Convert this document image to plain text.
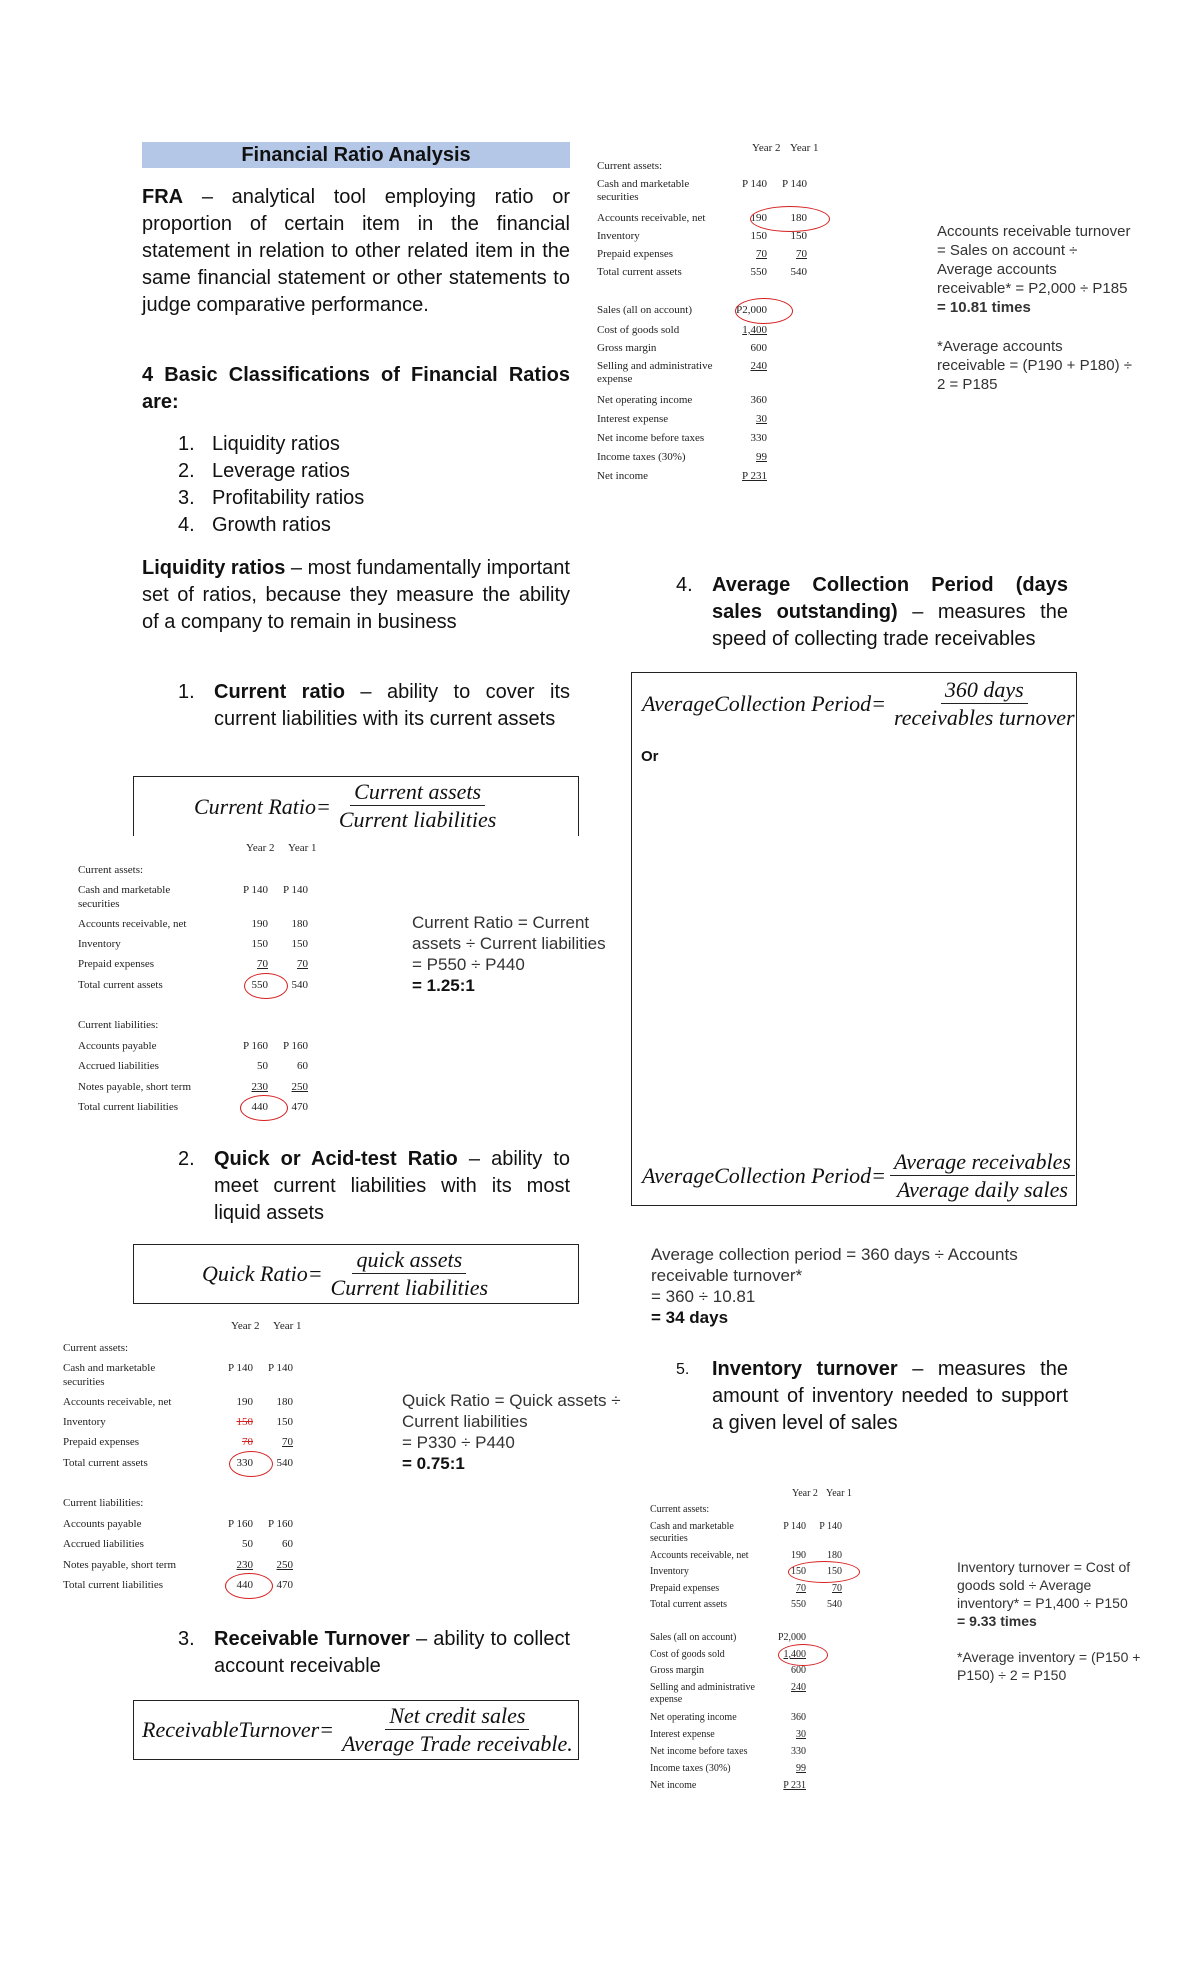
Financial Ratio Analysis
FRA – analytical tool employing ratio or proportion of certain item in the financial statement in relation to other related item in the same financial statement or other statements to judge comparative performance.
4 Basic Classifications of Financial Ratios are:
1. Liquidity ratios
2. Leverage ratios
3. Profitability ratios
4. Growth ratios
Liquidity ratios – most fundamentally important set of ratios, because they measure the ability of a company to remain in business
1. Current ratio – ability to cover its current liabilities with its current assets
Current Ratio= $\frac{\text{Current assets}}{\text{Current liabilities}}$
Year 2 Year 1
Current assets:
Cash and marketable	P 140	P 140
securities
Accounts receivable, net	190	180
Inventory	150	150
Prepaid expenses	70	70
Total current assets	550	540
Current liabilities:
Accounts payable	P 160	P 160
Accrued liabilities	50	60
Notes payable, short term	230	250
Total current liabilities	440	470
Current Ratio = Current
assets ÷ Current liabilities
= P550 ÷ P440
= 1.25:1
2. Quick or Acid-test Ratio – ability to meet current liabilities with its most liquid assets
Quick Ratio= $\frac{\text{quick assets}}{\text{Current liabilities}}$
Year 2 Year 1
Current assets:
Cash and marketable	P 140	P 140
securities
Accounts receivable, net	190	180
Inventory	150	150
Prepaid expenses	70	70
Total current assets	330	540
Current liabilities:
Accounts payable	P 160	P 160
Accrued liabilities	50	60
Notes payable, short term	230	250
Total current liabilities	440	470
Quick Ratio = Quick assets ÷
Current liabilities
= P330 ÷ P440
= 0.75:1
3. Receivable Turnover – ability to collect account receivable
ReceivableTurnover= $\frac{\text{Net credit sales}}{\text{Average Trade receivable.}}$
Year 2 Year 1
Current assets:
Cash and marketable	P 140	P 140
securities
Accounts receivable, net	190	180
Inventory	150	150
Prepaid expenses	70	70
Total current assets	550	540
Sales (all on account)	P2,000
Cost of goods sold	1,400
Gross margin	600
Selling and administrative	240
expense
Net operating income	360
Interest expense	30
Net income before taxes	330
Income taxes (30%)	99
Net income	P 231
Accounts receivable turnover
= Sales on account ÷
Average accounts
receivable* = P2,000 ÷ P185
= 10.81 times
*Average accounts
receivable = (P190 + P180) ÷
2 = P185
4. Average Collection Period (days sales outstanding) – measures the speed of collecting trade receivables
AverageCollection Period= $\frac{\text{360 days}}{\text{receivables turnover}}$
Or
AverageCollection Period= $\frac{\text{Average receivables}}{\text{Average daily sales}}$
Average collection period = 360 days ÷ Accounts
receivable turnover*
= 360 ÷ 10.81
= 34 days
5.	Inventory turnover – measures the amount of inventory needed to support a given level of sales
Year 2 Year 1
Current assets:
Cash and marketable	P 140	P 140
securities
Accounts receivable, net	190	180
Inventory	150	150
Prepaid expenses	70	70
Total current assets	550	540
Sales (all on account)	P2,000
Cost of goods sold	1,400
Gross margin	600
Selling and administrative	240
expense
Net operating income	360
Interest expense	30
Net income before taxes	330
Income taxes (30%)	99
Net income	P 231
Inventory turnover = Cost of
goods sold ÷ Average
inventory* = P1,400 ÷ P150
= 9.33 times
*Average inventory = (P150 +
P150) ÷ 2 = P150
